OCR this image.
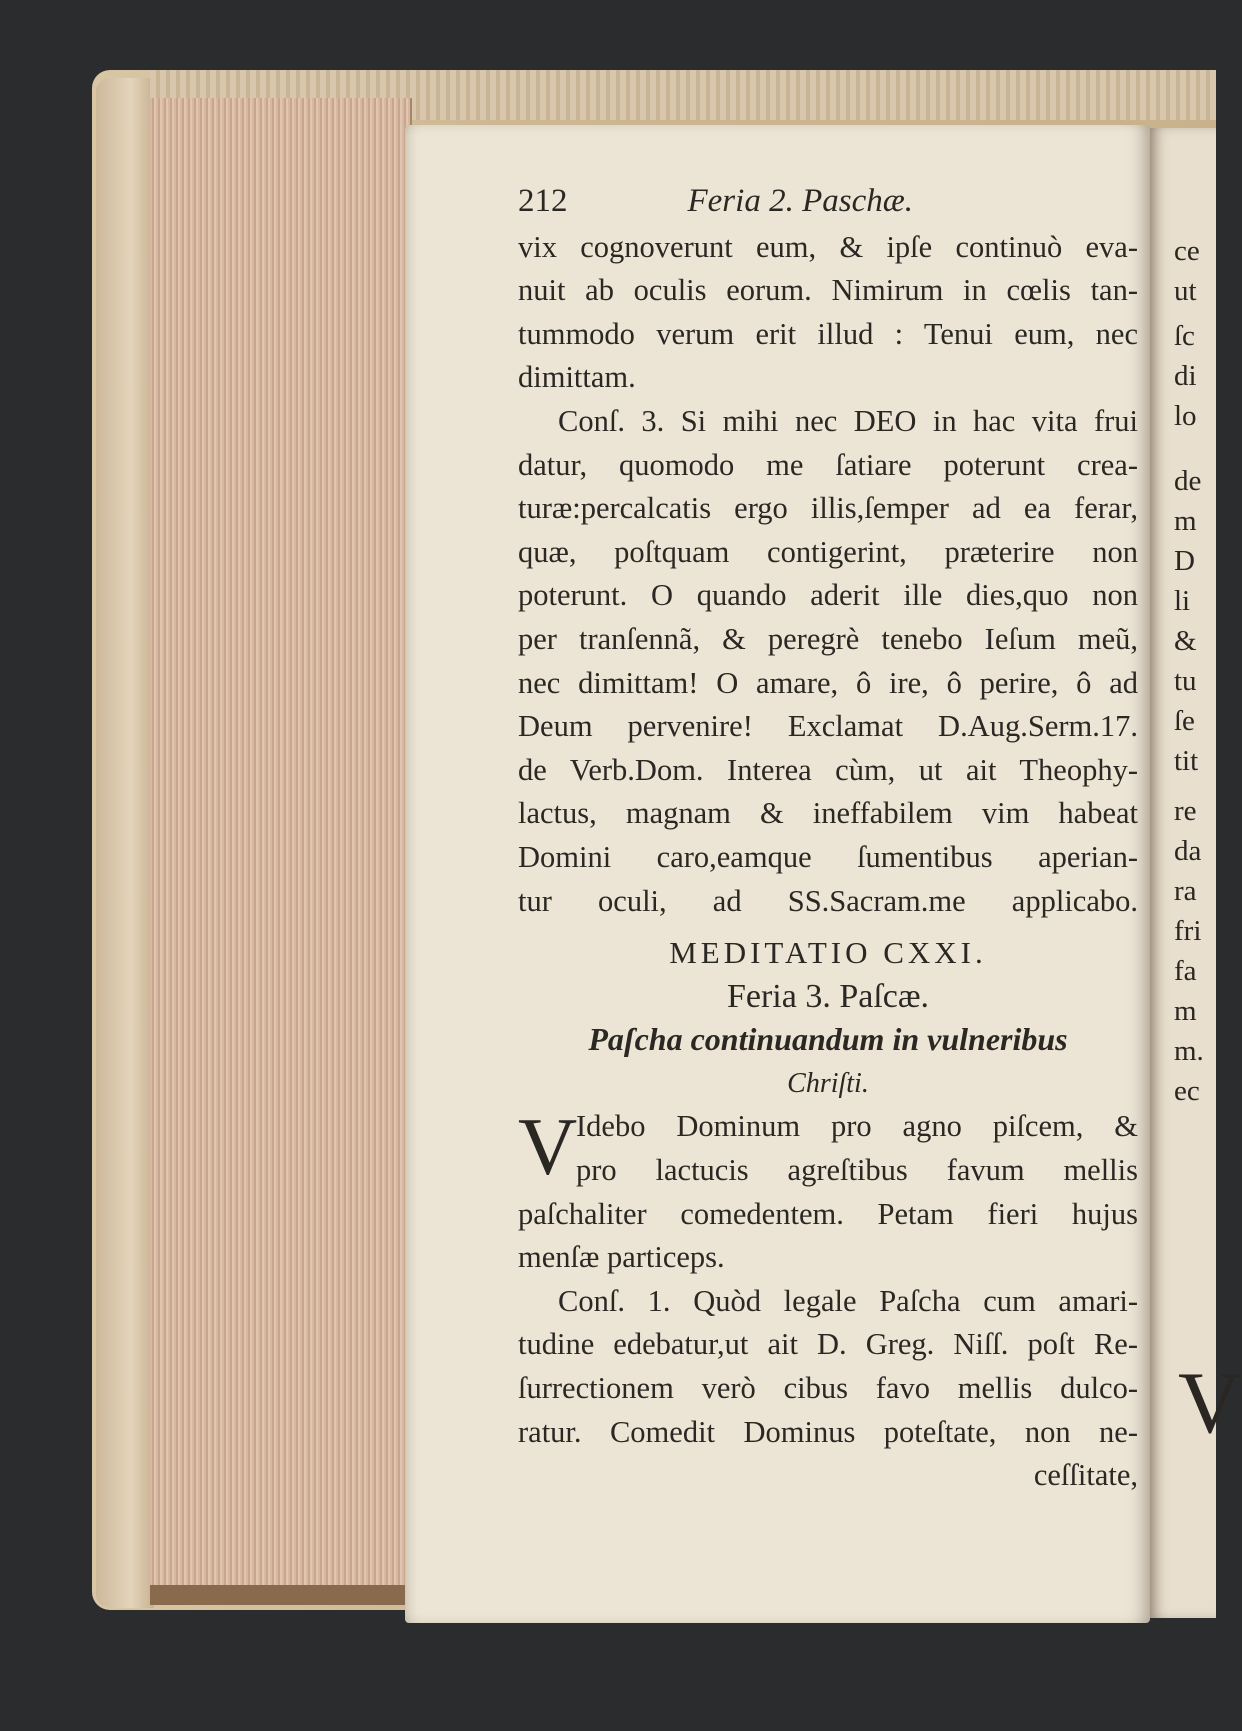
V
ce
ut
ſc
di
lo
de
m
D
li
&
tu
ſe
tit
re
da
ra
fri
fa
m
m.
ec
212	Feria 2. Paschæ.
vix cognoverunt eum, & ipſe continuò eva-
nuit ab oculis eorum. Nimirum in cœlis tan-
tummodo verum erit illud : Tenui eum, nec
dimittam.
Conſ. 3. Si mihi nec DEO in hac vita frui
datur, quomodo me ſatiare poterunt crea-
turæ:percalcatis ergo illis,ſemper ad ea ferar,
quæ, poſtquam contigerint, præterire non
poterunt. O quando aderit ille dies,quo non
per tranſennã, & peregrè tenebo Ieſum meũ,
nec dimittam! O amare, ô ire, ô perire, ô ad
Deum pervenire! Exclamat D.Aug.Serm.17.
de Verb.Dom. Interea cùm, ut ait Theophy-
lactus, magnam & ineffabilem vim habeat
Domini caro,eamque ſumentibus aperian-
tur oculi, ad SS.Sacram.me applicabo.
MEDITATIO CXXI.
Feria 3. Paſcæ.
Paſcha continuandum in vulneribus
Chriſti.
V
Idebo Dominum pro agno piſcem, &
pro lactucis agreſtibus favum mellis
paſchaliter comedentem. Petam fieri hujus
menſæ particeps.
Conſ. 1. Quòd legale Paſcha cum amari-
tudine edebatur,ut ait D. Greg. Niſſ. poſt Re-
ſurrectionem verò cibus favo mellis dulco-
ratur. Comedit Dominus poteſtate, non ne-
ceſſitate,
